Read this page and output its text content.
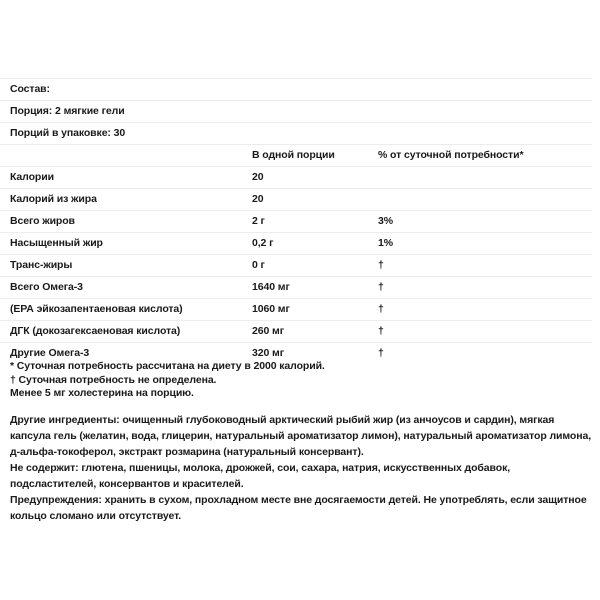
Состав:		
Порция: 2 мягкие гели		
Порций в упаковке: 30		
	В одной порции	% от суточной потребности*
Калории	20	
Калорий из жира	20	
Всего жиров	2 г	3%
Насыщенный жир	0,2 г	1%
Транс-жиры	0 г	†
Всего Омега-3	1640 мг	†
(ЕРА эйкозапентаеновая кислота)	1060 мг	†
ДГК (докозагексаеновая кислота)	260 мг	†
Другие Омега-3	320 мг	†
* Суточная потребность рассчитана на диету в 2000 калорий.
† Суточная потребность не определена.
Менее 5 мг холестерина на порцию.
Другие ингредиенты: очищенный глубоководный арктический рыбий жир (из анчоусов и сардин), мягкая капсула гель (желатин, вода, глицерин, натуральный ароматизатор лимон), натуральный ароматизатор лимона, д-альфа-токоферол, экстракт розмарина (натуральный консервант).
Не содержит: глютена, пшеницы, молока, дрожжей, сои, сахара, натрия, искусственных добавок, подсластителей, консервантов и красителей.
Предупреждения: хранить в сухом, прохладном месте вне досягаемости детей. Не употреблять, если защитное кольцо сломано или отсутствует.
